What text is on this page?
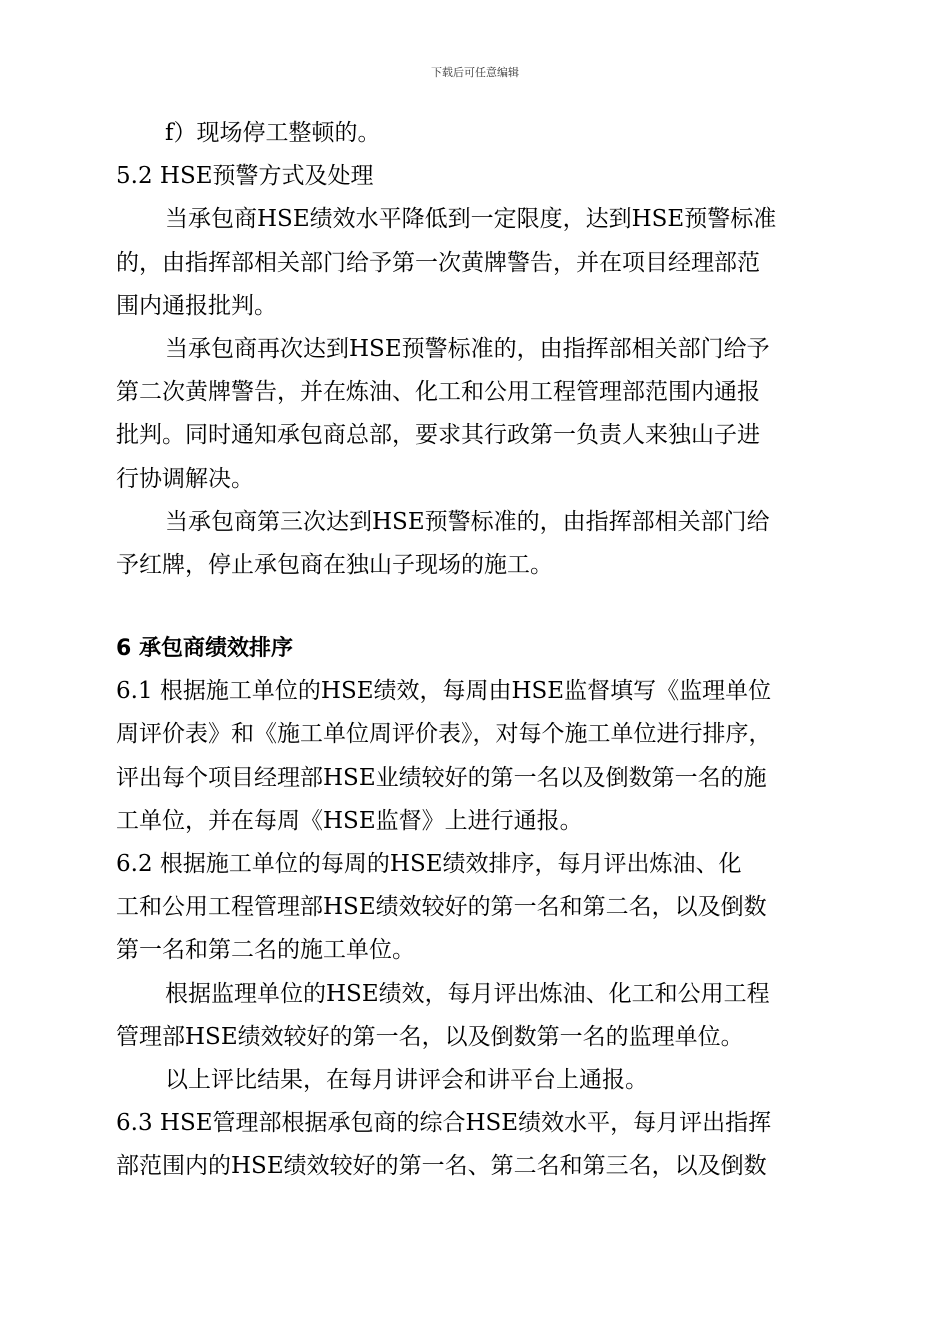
下载后可任意编辑
f）现场停工整顿的。
5.2 HSE预警方式及处理
当承包商HSE绩效水平降低到一定限度，达到HSE预警标准
的，由指挥部相关部门给予第一次黄牌警告，并在项目经理部范
围内通报批判。
当承包商再次达到HSE预警标准的，由指挥部相关部门给予
第二次黄牌警告，并在炼油、化工和公用工程管理部范围内通报
批判。同时通知承包商总部，要求其行政第一负责人来独山子进
行协调解决。
当承包商第三次达到HSE预警标准的，由指挥部相关部门给
予红牌，停止承包商在独山子现场的施工。
6 承包商绩效排序
6.1 根据施工单位的HSE绩效，每周由HSE监督填写《监理单位
周评价表》和《施工单位周评价表》，对每个施工单位进行排序，
评出每个项目经理部HSE业绩较好的第一名以及倒数第一名的施
工单位，并在每周《HSE监督》上进行通报。
6.2 根据施工单位的每周的HSE绩效排序，每月评出炼油、化
工和公用工程管理部HSE绩效较好的第一名和第二名，以及倒数
第一名和第二名的施工单位。
根据监理单位的HSE绩效，每月评出炼油、化工和公用工程
管理部HSE绩效较好的第一名，以及倒数第一名的监理单位。
以上评比结果，在每月讲评会和讲平台上通报。
6.3 HSE管理部根据承包商的综合HSE绩效水平，每月评出指挥
部范围内的HSE绩效较好的第一名、第二名和第三名，以及倒数
